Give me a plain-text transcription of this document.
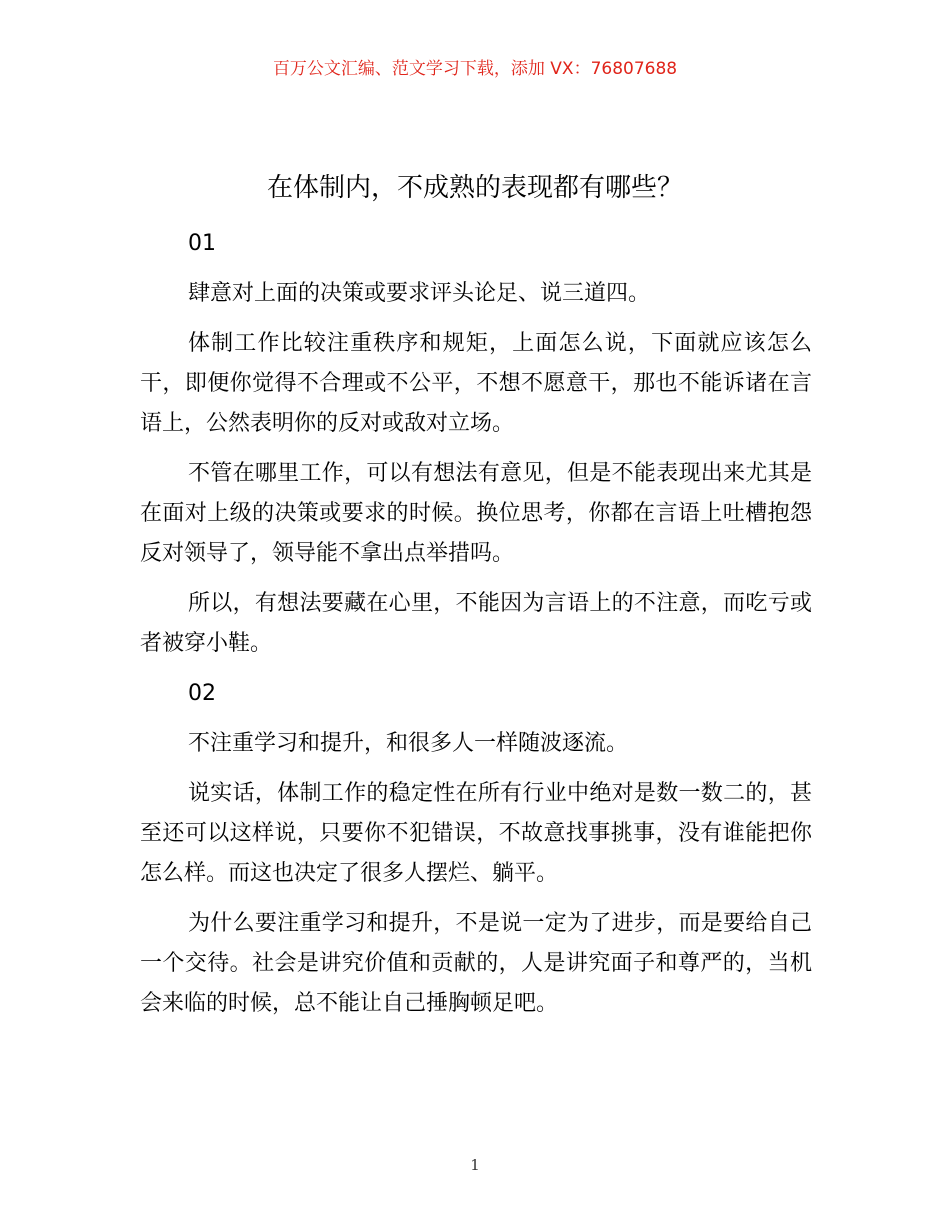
百万公文汇编、范文学习下载，添加 VX：76807688
在体制内，不成熟的表现都有哪些？

01

肆意对上面的决策或要求评头论足、说三道四。

体制工作比较注重秩序和规矩，上面怎么说，下面就应该怎么干，即便你觉得不合理或不公平，不想不愿意干，那也不能诉诸在言语上，公然表明你的反对或敌对立场。

不管在哪里工作，可以有想法有意见，但是不能表现出来尤其是在面对上级的决策或要求的时候。换位思考，你都在言语上吐槽抱怨反对领导了，领导能不拿出点举措吗。

所以，有想法要藏在心里，不能因为言语上的不注意，而吃亏或者被穿小鞋。

02

不注重学习和提升，和很多人一样随波逐流。

说实话，体制工作的稳定性在所有行业中绝对是数一数二的，甚至还可以这样说，只要你不犯错误，不故意找事挑事，没有谁能把你怎么样。而这也决定了很多人摆烂、躺平。

为什么要注重学习和提升，不是说一定为了进步，而是要给自己一个交待。社会是讲究价值和贡献的，人是讲究面子和尊严的，当机会来临的时候，总不能让自己捶胸顿足吧。

1
